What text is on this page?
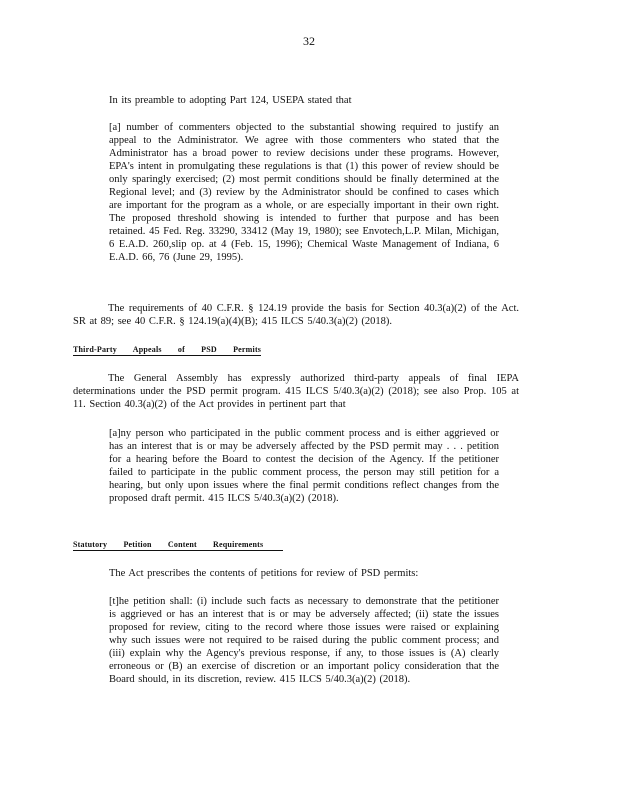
32
In its preamble to adopting Part 124, USEPA stated that
[a] number of commenters objected to the substantial showing required to justify an appeal to the Administrator. We agree with those commenters who stated that the Administrator has a broad power to review decisions under these programs. However, EPA's intent in promulgating these regulations is that (1) this power of review should be only sparingly exercised; (2) most permit conditions should be finally determined at the Regional level; and (3) review by the Administrator should be confined to cases which are important for the program as a whole, or are especially important in their own right. The proposed threshold showing is intended to further that purpose and has been retained. 45 Fed. Reg. 33290, 33412 (May 19, 1980); see Envotech,L.P. Milan, Michigan, 6 E.A.D. 260,slip op. at 4 (Feb. 15, 1996); Chemical Waste Management of Indiana, 6 E.A.D. 66, 76 (June 29, 1995).
The requirements of 40 C.F.R. § 124.19 provide the basis for Section 40.3(a)(2) of the Act. SR at 89; see 40 C.F.R. § 124.19(a)(4)(B); 415 ILCS 5/40.3(a)(2) (2018).
Third-Party Appeals of PSD Permits
The General Assembly has expressly authorized third-party appeals of final IEPA determinations under the PSD permit program. 415 ILCS 5/40.3(a)(2) (2018); see also Prop. 105 at 11. Section 40.3(a)(2) of the Act provides in pertinent part that
[a]ny person who participated in the public comment process and is either aggrieved or has an interest that is or may be adversely affected by the PSD permit may . . . petition for a hearing before the Board to contest the decision of the Agency. If the petitioner failed to participate in the public comment process, the person may still petition for a hearing, but only upon issues where the final permit conditions reflect changes from the proposed draft permit. 415 ILCS 5/40.3(a)(2) (2018).
Statutory Petition Content Requirements
The Act prescribes the contents of petitions for review of PSD permits:
[t]he petition shall: (i) include such facts as necessary to demonstrate that the petitioner is aggrieved or has an interest that is or may be adversely affected; (ii) state the issues proposed for review, citing to the record where those issues were raised or explaining why such issues were not required to be raised during the public comment process; and (iii) explain why the Agency's previous response, if any, to those issues is (A) clearly erroneous or (B) an exercise of discretion or an important policy consideration that the Board should, in its discretion, review. 415 ILCS 5/40.3(a)(2) (2018).
